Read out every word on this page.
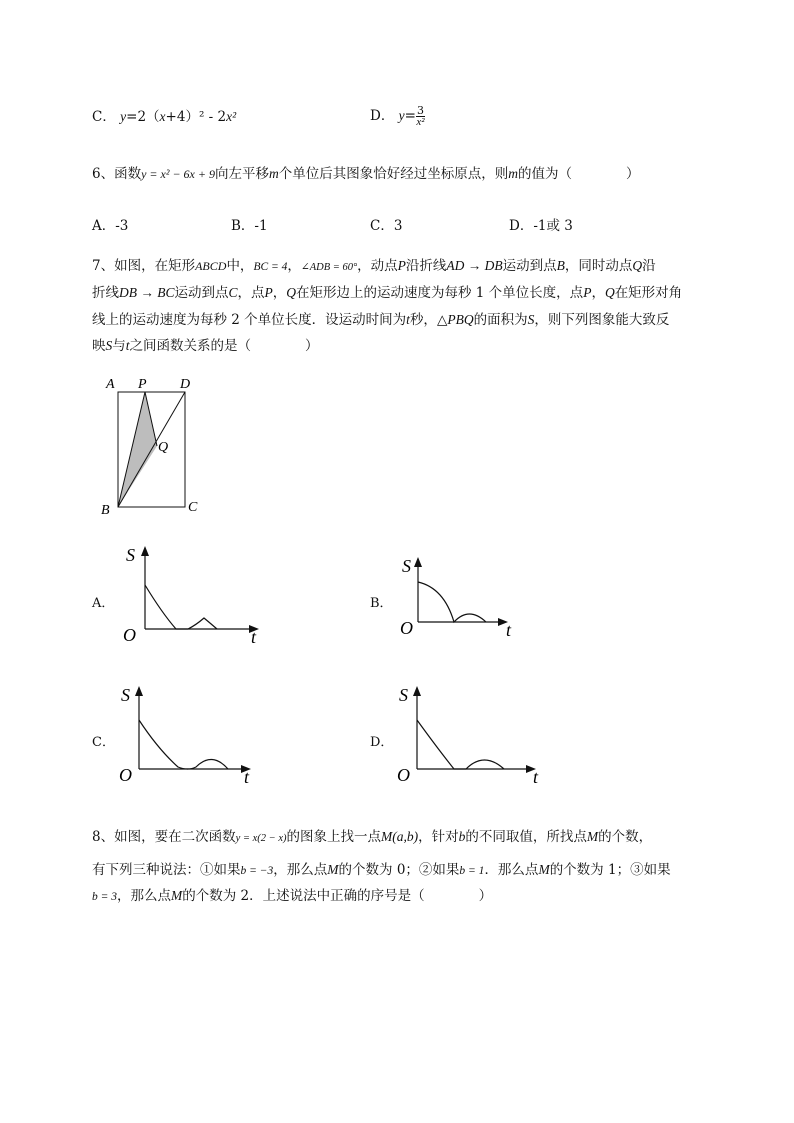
C． y=2（x+4）² - 2x²	D． $y= \frac{3}{\text{x²}}$
6、函数y = x² − 6x + 9向左平移m个单位后其图象恰好经过坐标原点，则m的值为（　　　　）
A．-3	B．-1	C．3	D．-1或 3
7、如图，在矩形ABCD中，BC = 4，∠ADB = 60°，动点P沿折线AD → DB运动到点B，同时动点Q沿
折线DB → BC运动到点C，点P，Q在矩形边上的运动速度为每秒 1 个单位长度，点P，Q在矩形对角
线上的运动速度为每秒 2 个单位长度．设运动时间为t秒，△PBQ的面积为S，则下列图象能大致反
映S与t之间函数关系的是（　　　　）
A P D
Q
B	C
A．
S
O	t
B．
S
O	t
C．
S
O	t
D．
S
O	t
8、如图，要在二次函数y = x(2 − x)的图象上找一点M(a,b)，针对b的不同取值，所找点M的个数，
有下列三种说法：①如果b = −3，那么点M的个数为 0；②如果b = 1．那么点M的个数为 1；③如果
b = 3，那么点M的个数为 2．上述说法中正确的序号是（　　　　）
